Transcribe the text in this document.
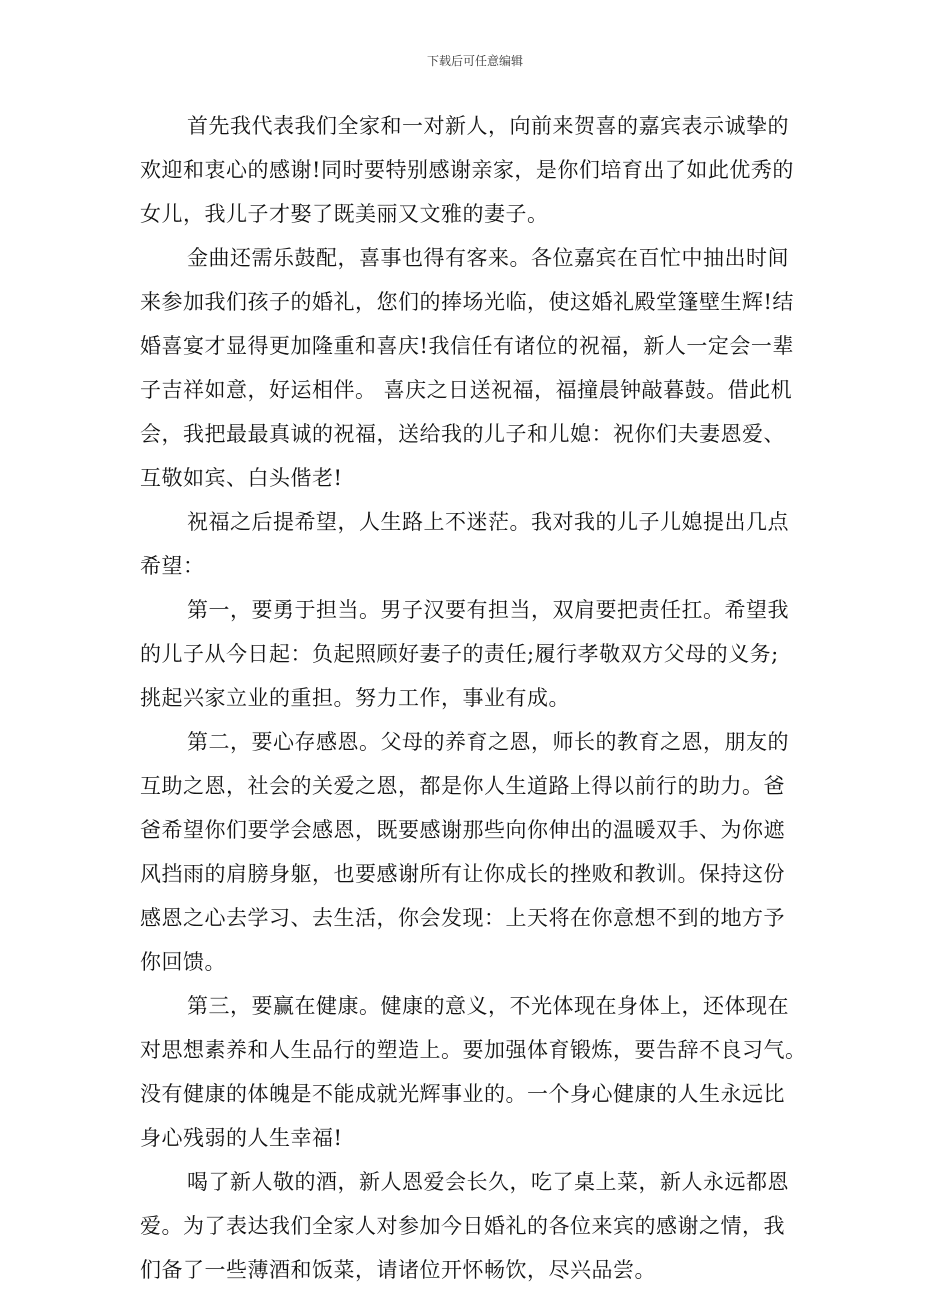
下载后可任意编辑
首先我代表我们全家和一对新人，向前来贺喜的嘉宾表示诚挚的
欢迎和衷心的感谢!同时要特别感谢亲家，是你们培育出了如此优秀的
女儿，我儿子才娶了既美丽又文雅的妻子。
金曲还需乐鼓配，喜事也得有客来。各位嘉宾在百忙中抽出时间
来参加我们孩子的婚礼，您们的捧场光临，使这婚礼殿堂篷壁生辉!结
婚喜宴才显得更加隆重和喜庆!我信任有诸位的祝福，新人一定会一辈
子吉祥如意，好运相伴。 喜庆之日送祝福，福撞晨钟敲暮鼓。借此机
会，我把最最真诚的祝福，送给我的儿子和儿媳：祝你们夫妻恩爱、
互敬如宾、白头偕老!
祝福之后提希望，人生路上不迷茫。我对我的儿子儿媳提出几点
希望：
第一，要勇于担当。男子汉要有担当，双肩要把责任扛。希望我
的儿子从今日起：负起照顾好妻子的责任;履行孝敬双方父母的义务;
挑起兴家立业的重担。努力工作，事业有成。
第二，要心存感恩。父母的养育之恩，师长的教育之恩，朋友的
互助之恩，社会的关爱之恩，都是你人生道路上得以前行的助力。爸
爸希望你们要学会感恩，既要感谢那些向你伸出的温暖双手、为你遮
风挡雨的肩膀身躯，也要感谢所有让你成长的挫败和教训。保持这份
感恩之心去学习、去生活，你会发现：上天将在你意想不到的地方予
你回馈。
第三，要赢在健康。健康的意义，不光体现在身体上，还体现在
对思想素养和人生品行的塑造上。要加强体育锻炼，要告辞不良习气。
没有健康的体魄是不能成就光辉事业的。一个身心健康的人生永远比
身心残弱的人生幸福!
喝了新人敬的酒，新人恩爱会长久，吃了桌上菜，新人永远都恩
爱。为了表达我们全家人对参加今日婚礼的各位来宾的感谢之情，我
们备了一些薄酒和饭菜，请诸位开怀畅饮，尽兴品尝。
